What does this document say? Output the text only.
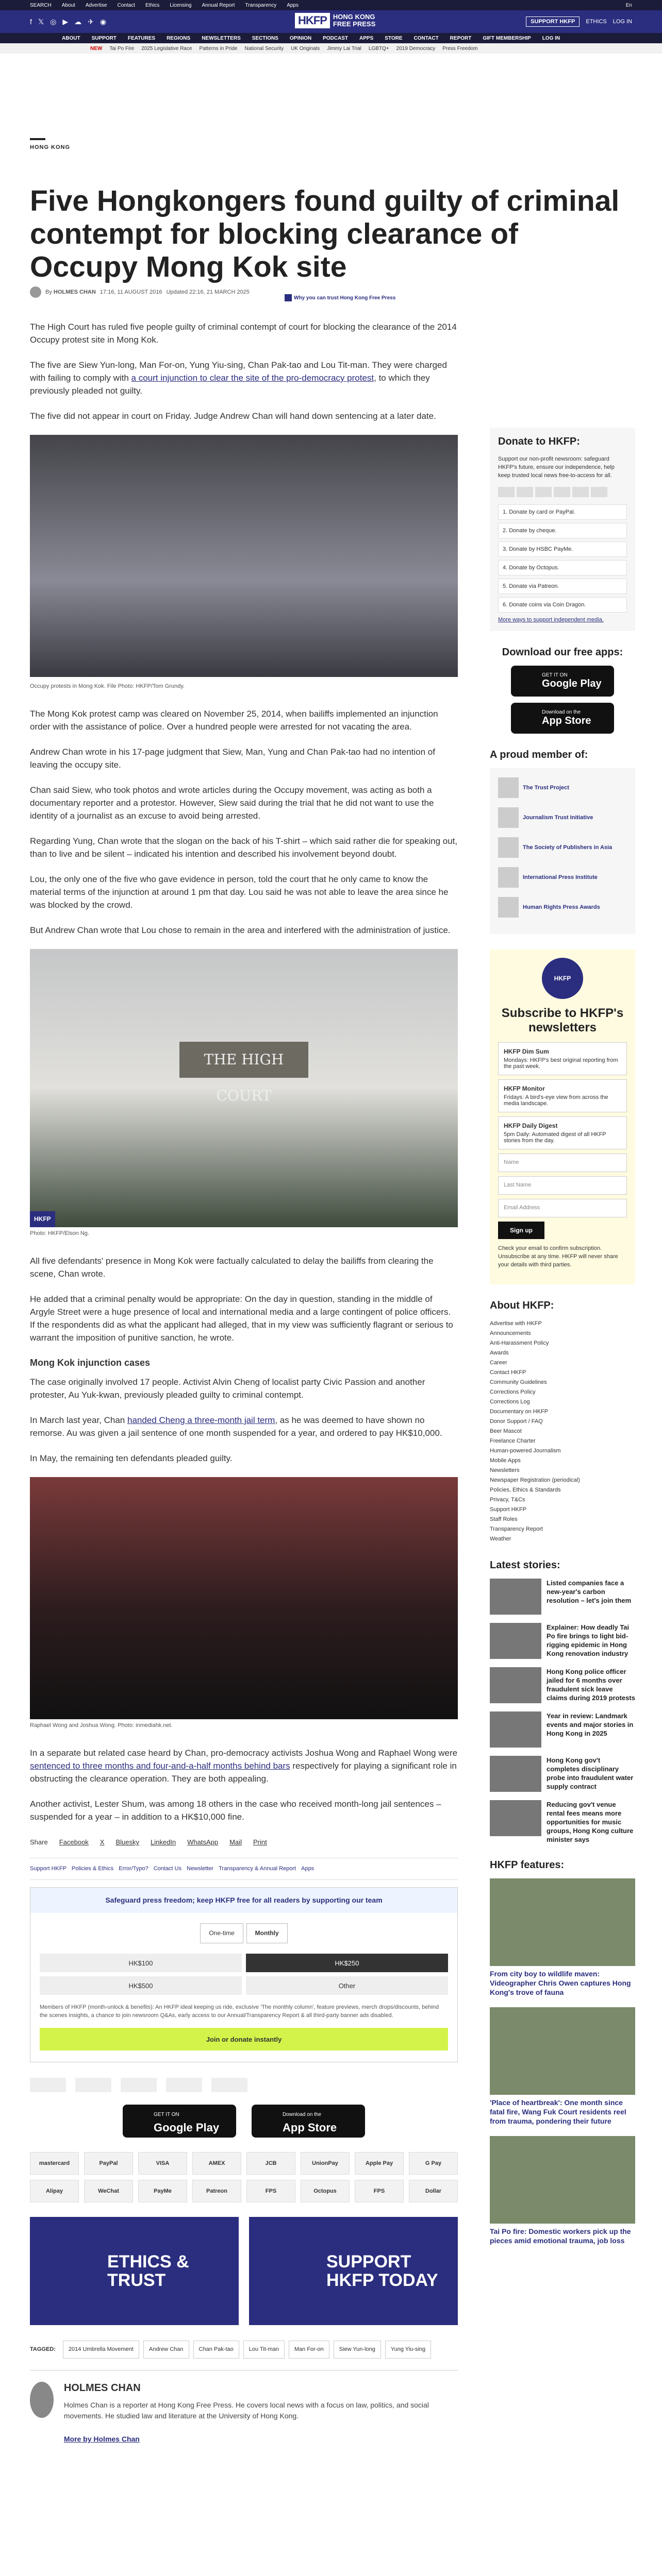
SEARCH About Advertise Contact Ethics Licensing Annual Report Transparency Apps	En
f 𝕏 ◎ ▶ ☁ ✈ ◉	HKFP HONG KONG
FREE PRESS	SUPPORT HKFP	ETHICS LOG IN
ABOUT SUPPORT FEATURES REGIONS NEWSLETTERS SECTIONS OPINION PODCAST APPS STORE CONTACT REPORT GIFT MEMBERSHIP LOG IN
NEW Tai Po Fire 2025 Legislative Race Patterns in Pride National Security UK Originals Jimmy Lai Trial LGBTQ+ 2019 Democracy Press Freedom
HONG KONG
Five Hongkongers found guilty of criminal contempt for blocking clearance of Occupy Mong Kok site
By HOLMES CHAN 17:16, 11 AUGUST 2016 Updated 22:16, 21 MARCH 2025
Why you can trust Hong Kong Free Press

The High Court has ruled five people guilty of criminal contempt of court for blocking the clearance of the 2014 Occupy protest site in Mong Kok.

The five are Siew Yun-long, Man For-on, Yung Yiu-sing, Chan Pak-tao and Lou Tit-man. They were charged with failing to comply with a court injunction to clear the site of the pro-democracy protest, to which they previously pleaded not guilty.

The five did not appear in court on Friday. Judge Andrew Chan will hand down sentencing at a later date.

Occupy protests in Mong Kok. File Photo: HKFP/Tom Grundy.

The Mong Kok protest camp was cleared on November 25, 2014, when bailiffs implemented an injunction order with the assistance of police. Over a hundred people were arrested for not vacating the area.

Andrew Chan wrote in his 17-page judgment that Siew, Man, Yung and Chan Pak-tao had no intention of leaving the occupy site.

Chan said Siew, who took photos and wrote articles during the Occupy movement, was acting as both a documentary reporter and a protestor. However, Siew said during the trial that he did not want to use the identity of a journalist as an excuse to avoid being arrested.

Regarding Yung, Chan wrote that the slogan on the back of his T-shirt – which said rather die for speaking out, than to live and be silent – indicated his intention and described his involvement beyond doubt.

Lou, the only one of the five who gave evidence in person, told the court that he only came to know the material terms of the injunction at around 1 pm that day. Lou said he was not able to leave the area since he was blocked by the crowd.

But Andrew Chan wrote that Lou chose to remain in the area and interfered with the administration of justice.

THE HIGH COURT
HKFP
Photo: HKFP/Elson Ng.

All five defendants' presence in Mong Kok were factually calculated to delay the bailiffs from clearing the scene, Chan wrote.

He added that a criminal penalty would be appropriate: On the day in question, standing in the middle of Argyle Street were a huge presence of local and international media and a large contingent of police officers. If the respondents did as what the applicant had alleged, that in my view was sufficiently flagrant or serious to warrant the imposition of punitive sanction, he wrote.

Mong Kok injunction cases

The case originally involved 17 people. Activist Alvin Cheng of localist party Civic Passion and another protester, Au Yuk-kwan, previously pleaded guilty to criminal contempt.

In March last year, Chan handed Cheng a three-month jail term, as he was deemed to have shown no remorse. Au was given a jail sentence of one month suspended for a year, and ordered to pay HK$10,000.

In May, the remaining ten defendants pleaded guilty.

Raphael Wong and Joshua Wong. Photo: inmediahk.net.

In a separate but related case heard by Chan, pro-democracy activists Joshua Wong and Raphael Wong were sentenced to three months and four-and-a-half months behind bars respectively for playing a significant role in obstructing the clearance operation. They are both appealing.

Another activist, Lester Shum, was among 18 others in the case who received month-long jail sentences – suspended for a year – in addition to a HK$10,000 fine.

Share Facebook X Bluesky LinkedIn WhatsApp Mail Print
Support HKFP Policies & Ethics Error/Typo? Contact Us Newsletter Transparency & Annual Report Apps
Safeguard press freedom; keep HKFP free for all readers by supporting our team
One-time	Monthly
HK$100	HK$250
HK$500	Other
Members of HKFP (month-unlock & benefits): An HKFP ideal keeping us ride, exclusive 'The monthly column', feature previews, merch drops/discounts, behind the scenes insights, a chance to join newsroom Q&As, early access to our Annual/Transparency Report & all third-party banner ads disabled.
Join or donate instantly
GET IT ON
Google Play
Download on the
App Store
mastercard	PayPal	VISA	AMEX	JCB	UnionPay	Apple Pay	G Pay
Alipay	WeChat	PayMe	Patreon	FPS	Octopus	FPS	Dollar
ETHICS & TRUST
SUPPORT HKFP TODAY
TAGGED:	2014 Umbrella Movement	Andrew Chan	Chan Pak-tao	Lou Tit-man	Man For-on	Siew Yun-long	Yung Yiu-sing
HOLMES CHAN

Holmes Chan is a reporter at Hong Kong Free Press. He covers local news with a focus on law, politics, and social movements. He studied law and literature at the University of Hong Kong.

More by Holmes Chan

Donate to HKFP:
Support our non-profit newsroom: safeguard HKFP's future, ensure our independence, help keep trusted local news free-to-access for all.
1. Donate by card or PayPal.
2. Donate by cheque.
3. Donate by HSBC PayMe.
4. Donate by Octopus.
5. Donate via Patreon.
6. Donate coins via Coin Dragon.
More ways to support independent media.
Download our free apps:
GET IT ON
Google Play
Download on the
App Store
A proud member of:
The Trust Project
Journalism Trust Initiative
The Society of Publishers in Asia
International Press Institute
Human Rights Press Awards
HKFP
Subscribe to HKFP's newsletters
HKFP Dim Sum
Mondays: HKFP's best original reporting from the past week.
HKFP Monitor
Fridays: A bird's-eye view from across the media landscape.
HKFP Daily Digest
5pm Daily: Automated digest of all HKFP stories from the day.
Name
Last Name
Email Address
Sign up
Check your email to confirm subscription. Unsubscribe at any time. HKFP will never share your details with third parties.
About HKFP:
Advertise with HKFP
Announcements
Anti-Harassment Policy
Awards
Career
Contact HKFP
Community Guidelines
Corrections Policy
Corrections Log
Documentary on HKFP
Donor Support / FAQ
Beer Mascot
Freelance Charter
Human-powered Journalism
Mobile Apps
Newsletters
Newspaper Registration (periodical)
Policies, Ethics & Standards
Privacy, T&Cs
Support HKFP
Staff Roles
Transparency Report
Weather
Latest stories:
Listed companies face a new-year's carbon resolution – let's join them
Explainer: How deadly Tai Po fire brings to light bid-rigging epidemic in Hong Kong renovation industry
Hong Kong police officer jailed for 6 months over fraudulent sick leave claims during 2019 protests
Year in review: Landmark events and major stories in Hong Kong in 2025
Hong Kong gov't completes disciplinary probe into fraudulent water supply contract
Reducing gov't venue rental fees means more opportunities for music groups, Hong Kong culture minister says
HKFP features:
From city boy to wildlife maven: Videographer Chris Owen captures Hong Kong's trove of fauna
'Place of heartbreak': One month since fatal fire, Wang Fuk Court residents reel from trauma, pondering their future
Tai Po fire: Domestic workers pick up the pieces amid emotional trauma, job loss
